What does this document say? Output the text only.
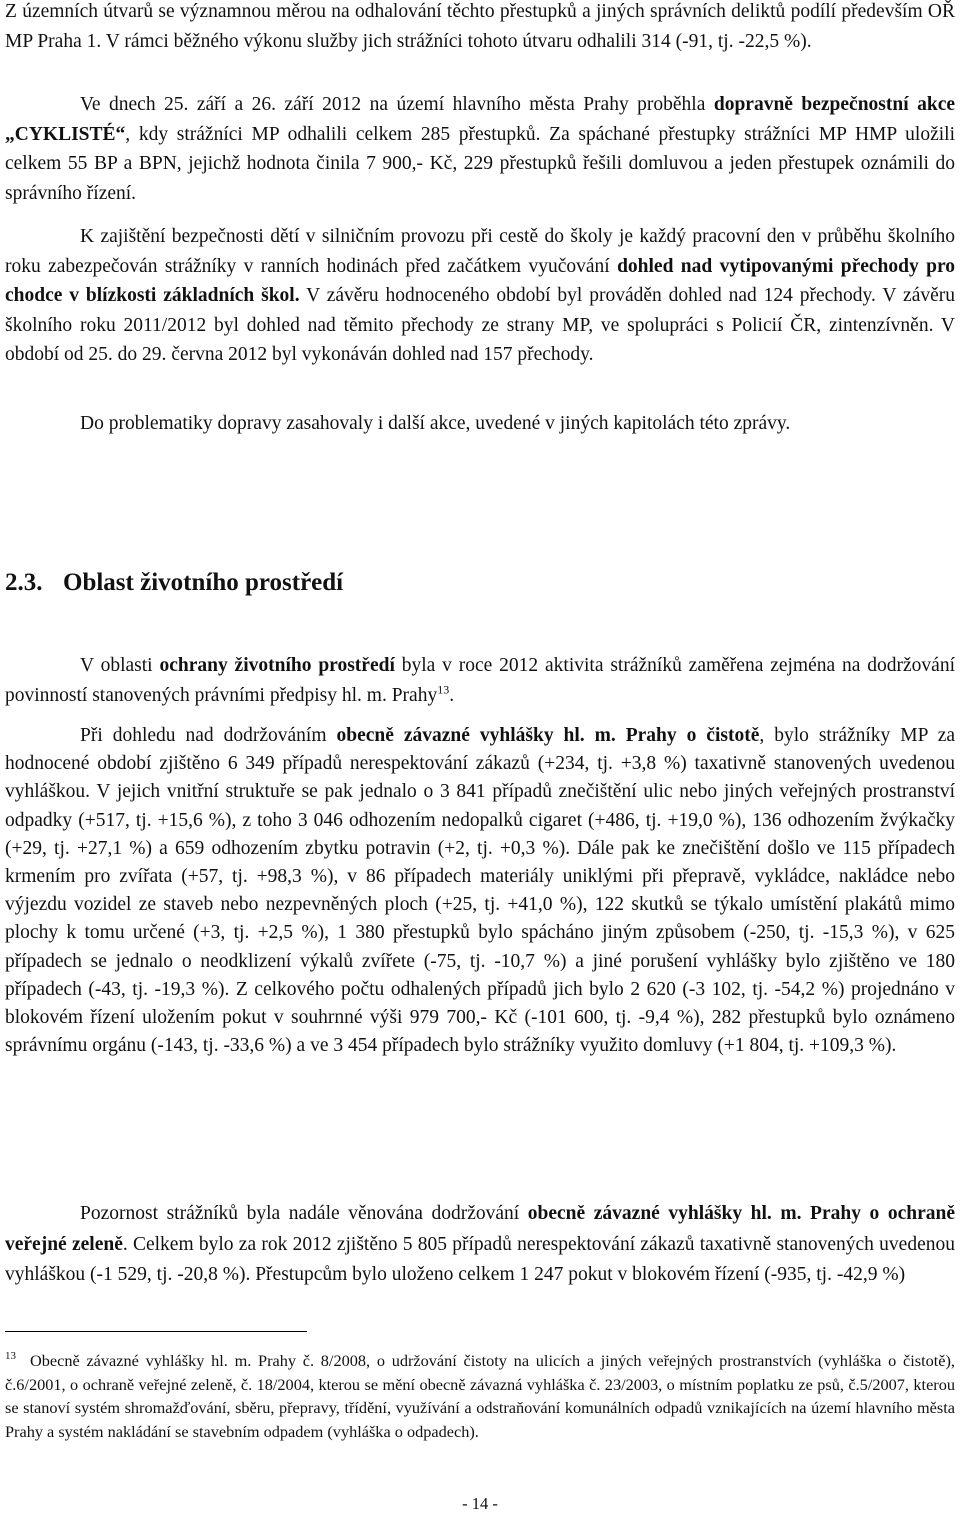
Z územních útvarů se významnou měrou na odhalování těchto přestupků a jiných správních deliktů podílí především OŘ MP Praha 1. V rámci běžného výkonu služby jich strážníci tohoto útvaru odhalili 314 (-91, tj. -22,5 %).

Ve dnech 25. září a 26. září 2012 na území hlavního města Prahy proběhla dopravně bezpečnostní akce „CYKLISTÉ“, kdy strážníci MP odhalili celkem 285 přestupků. Za spáchané přestupky strážníci MP HMP uložili celkem 55 BP a BPN, jejichž hodnota činila 7 900,- Kč, 229 přestupků řešili domluvou a jeden přestupek oznámili do správního řízení.

K zajištění bezpečnosti dětí v silničním provozu při cestě do školy je každý pracovní den v průběhu školního roku zabezpečován strážníky v ranních hodinách před začátkem vyučování dohled nad vytipovanými přechody pro chodce v blízkosti základních škol. V závěru hodnoceného období byl prováděn dohled nad 124 přechody. V závěru školního roku 2011/2012 byl dohled nad těmito přechody ze strany MP, ve spolupráci s Policií ČR, zintenzívněn. V období od 25. do 29. června 2012 byl vykonáván dohled nad 157 přechody.

Do problematiky dopravy zasahovaly i další akce, uvedené v jiných kapitolách této zprávy.

2.3. Oblast životního prostředí

V oblasti ochrany životního prostředí byla v roce 2012 aktivita strážníků zaměřena zejména na dodržování povinností stanovených právními předpisy hl. m. Prahy$^{13}$.

Při dohledu nad dodržováním obecně závazné vyhlášky hl. m. Prahy o čistotě, bylo strážníky MP za hodnocené období zjištěno 6 349 případů nerespektování zákazů (+234, tj. +3,8 %) taxativně stanovených uvedenou vyhláškou. V jejich vnitřní struktuře se pak jednalo o 3 841 případů znečištění ulic nebo jiných veřejných prostranství odpadky (+517, tj. +15,6 %), z toho 3 046 odhozením nedopalků cigaret (+486, tj. +19,0 %), 136 odhozením žvýkačky (+29, tj. +27,1 %) a 659 odhozením zbytku potravin (+2, tj. +0,3 %). Dále pak ke znečištění došlo ve 115 případech krmením pro zvířata (+57, tj. +98,3 %), v 86 případech materiály uniklými při přepravě, vykládce, nakládce nebo výjezdu vozidel ze staveb nebo nezpevněných ploch (+25, tj. +41,0 %), 122 skutků se týkalo umístění plakátů mimo plochy k tomu určené (+3, tj. +2,5 %), 1 380 přestupků bylo spácháno jiným způsobem (-250, tj. -15,3 %), v 625 případech se jednalo o neodklizení výkalů zvířete (-75, tj. -10,7 %) a jiné porušení vyhlášky bylo zjištěno ve 180 případech (-43, tj. -19,3 %). Z celkového počtu odhalených případů jich bylo 2 620 (-3 102, tj. -54,2 %) projednáno v blokovém řízení uložením pokut v souhrnné výši 979 700,- Kč (-101 600, tj. -9,4 %), 282 přestupků bylo oznámeno správnímu orgánu (-143, tj. -33,6 %) a ve 3 454 případech bylo strážníky využito domluvy (+1 804, tj. +109,3 %).

Pozornost strážníků byla nadále věnována dodržování obecně závazné vyhlášky hl. m. Prahy o ochraně veřejné zeleně. Celkem bylo za rok 2012 zjištěno 5 805 případů nerespektování zákazů taxativně stanovených uvedenou vyhláškou (-1 529, tj. -20,8 %). Přestupcům bylo uloženo celkem 1 247 pokut v blokovém řízení (-935, tj. -42,9 %)

$^{13}$ Obecně závazné vyhlášky hl. m. Prahy č. 8/2008, o udržování čistoty na ulicích a jiných veřejných prostranstvích (vyhláška o čistotě), č.6/2001, o ochraně veřejné zeleně, č. 18/2004, kterou se mění obecně závazná vyhláška č. 23/2003, o místním poplatku ze psů, č.5/2007, kterou se stanoví systém shromažďování, sběru, přepravy, třídění, využívání a odstraňování komunálních odpadů vznikajících na území hlavního města Prahy a systém nakládání se stavebním odpadem (vyhláška o odpadech).

- 14 -
